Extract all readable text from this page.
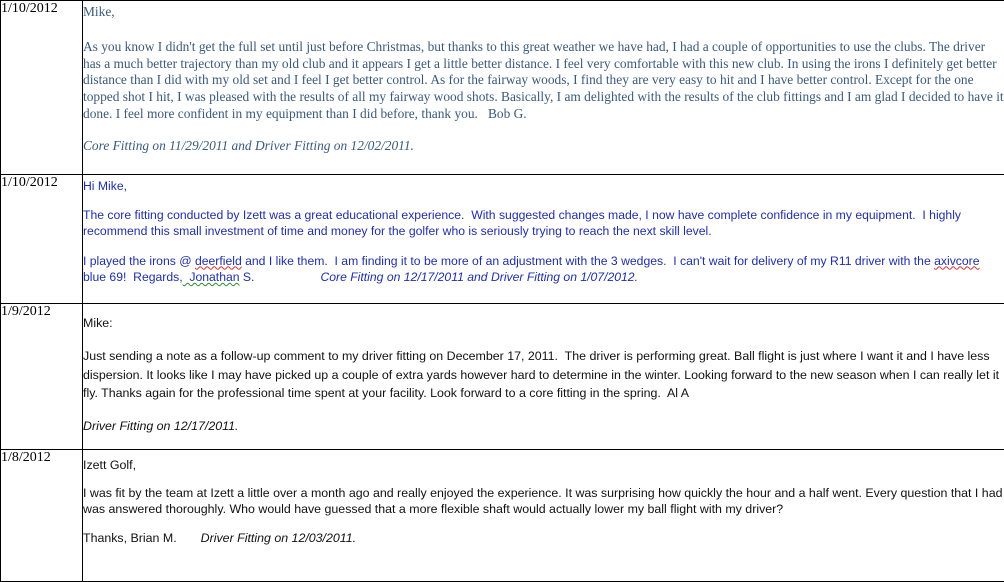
1/10/2012	Mike,

As you know I didn't get the full set until just before Christmas, but thanks to this great weather we have had, I had a couple of opportunities to use the clubs. The driver has a much better trajectory than my old club and it appears I get a little better distance. I feel very comfortable with this new club. In using the irons I definitely get better distance than I did with my old set and I feel I get better control. As for the fairway woods, I find they are very easy to hit and I have better control. Except for the one topped shot I hit, I was pleased with the results of all my fairway wood shots. Basically, I am delighted with the results of the club fittings and I am glad I decided to have it done. I feel more confident in my equipment than I did before, thank you.   Bob G.

Core Fitting on 11/29/2011 and Driver Fitting on 12/02/2011.

1/10/2012	Hi Mike,

The core fitting conducted by Izett was a great educational experience.  With suggested changes made, I now have complete confidence in my equipment.  I highly recommend this small investment of time and money for the golfer who is seriously trying to reach the next skill level.

I played the irons @ deerfield and I like them.  I am finding it to be more of an adjustment with the 3 wedges.  I can't wait for delivery of my R11 driver with the axivcore blue 69!  Regards,  Jonathan S. Core Fitting on 12/17/2011 and Driver Fitting on 1/07/2012.

1/9/2012	Mike:

Just sending a note as a follow-up comment to my driver fitting on December 17, 2011.  The driver is performing great. Ball flight is just where I want it and I have less dispersion. It looks like I may have picked up a couple of extra yards however hard to determine in the winter. Looking forward to the new season when I can really let it fly. Thanks again for the professional time spent at your facility. Look forward to a core fitting in the spring.  Al A

Driver Fitting on 12/17/2011.

1/8/2012	Izett Golf,

I was fit by the team at Izett a little over a month ago and really enjoyed the experience. It was surprising how quickly the hour and a half went. Every question that I had was answered thoroughly. Who would have guessed that a more flexible shaft would actually lower my ball flight with my driver?

Thanks, Brian M. Driver Fitting on 12/03/2011.
